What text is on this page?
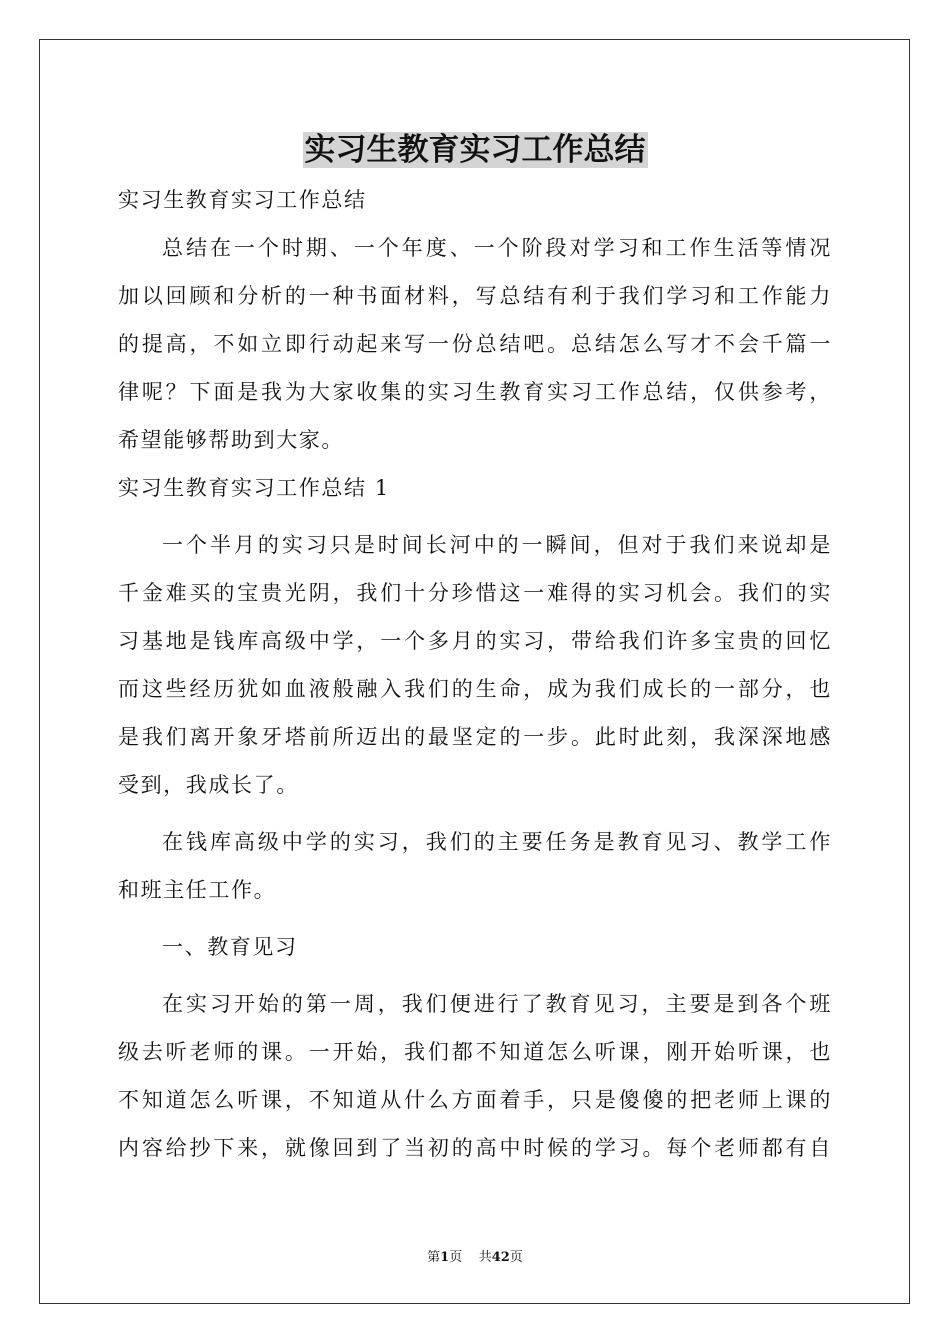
实习生教育实习工作总结
实习生教育实习工作总结
总结在一个时期、一个年度、一个阶段对学习和工作生活等情况
加以回顾和分析的一种书面材料，写总结有利于我们学习和工作能力
的提高，不如立即行动起来写一份总结吧。总结怎么写才不会千篇一
律呢？下面是我为大家收集的实习生教育实习工作总结，仅供参考，
希望能够帮助到大家。
实习生教育实习工作总结 1
一个半月的实习只是时间长河中的一瞬间，但对于我们来说却是
千金难买的宝贵光阴，我们十分珍惜这一难得的实习机会。我们的实
习基地是钱库高级中学，一个多月的实习，带给我们许多宝贵的回忆
而这些经历犹如血液般融入我们的生命，成为我们成长的一部分，也
是我们离开象牙塔前所迈出的最坚定的一步。此时此刻，我深深地感
受到，我成长了。
在钱库高级中学的实习，我们的主要任务是教育见习、教学工作
和班主任工作。
一、教育见习
在实习开始的第一周，我们便进行了教育见习，主要是到各个班
级去听老师的课。一开始，我们都不知道怎么听课，刚开始听课，也
不知道怎么听课，不知道从什么方面着手，只是傻傻的把老师上课的
内容给抄下来，就像回到了当初的高中时候的学习。每个老师都有自
第1页 共42页
